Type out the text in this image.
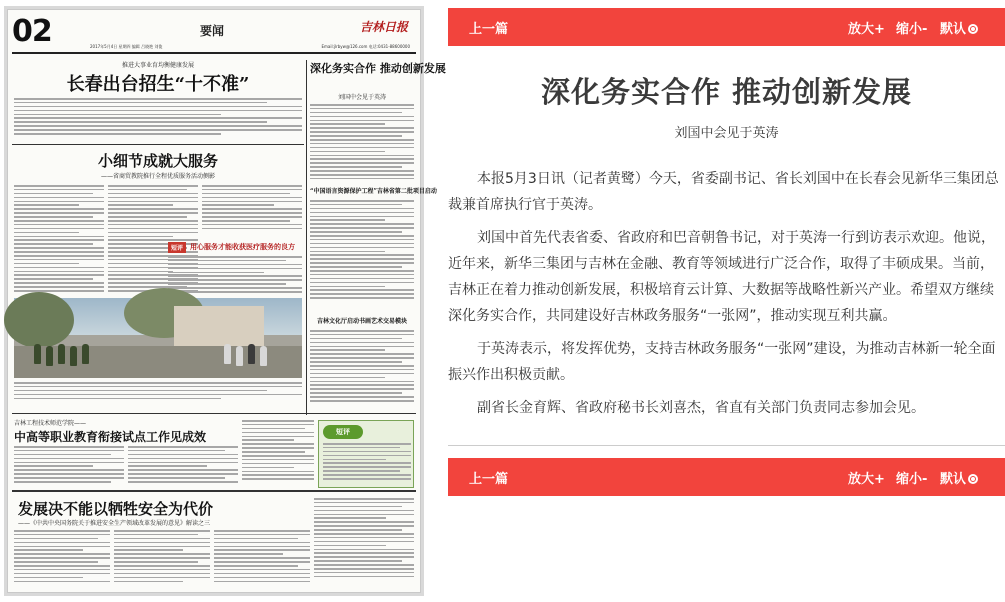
02	要闻	吉林日报
2017年5月4日 星期四 编辑 吕晓艳 刘俊	Email:jlrbyw@126.com 电话:0431-88600000
推进大事业育均衡健康发展
长春出台招生“十不准”
小细节成就大服务
——省商贸教院推行全程优质服务活动侧影
短评 用心服务才能收获医疗服务的良方
深化务实合作 推动创新发展
刘国中会见于英涛
“中国语言资源保护工程”吉林省第二批项目启动
吉林文化厅启动书画艺术交易模块
吉林工程技术师范学院——
中高等职业教育衔接试点工作见成效	短评
发展决不能以牺牲安全为代价
——《中共中央国务院关于推进安全生产领域改革发展的意见》解读之三
上一篇	放大+ 缩小- 默认
深化务实合作 推动创新发展
刘国中会见于英涛

本报5月3日讯（记者黄鹭）今天，省委副书记、省长刘国中在长春会见新华三集团总裁兼首席执行官于英涛。

刘国中首先代表省委、省政府和巴音朝鲁书记，对于英涛一行到访表示欢迎。他说，近年来，新华三集团与吉林在金融、教育等领域进行广泛合作，取得了丰硕成果。当前，吉林正在着力推动创新发展，积极培育云计算、大数据等战略性新兴产业。希望双方继续深化务实合作，共同建设好吉林政务服务“一张网”，推动实现互利共赢。

于英涛表示，将发挥优势，支持吉林政务服务“一张网”建设，为推动吉林新一轮全面振兴作出积极贡献。

副省长金育辉、省政府秘书长刘喜杰，省直有关部门负责同志参加会见。

上一篇	放大+ 缩小- 默认
